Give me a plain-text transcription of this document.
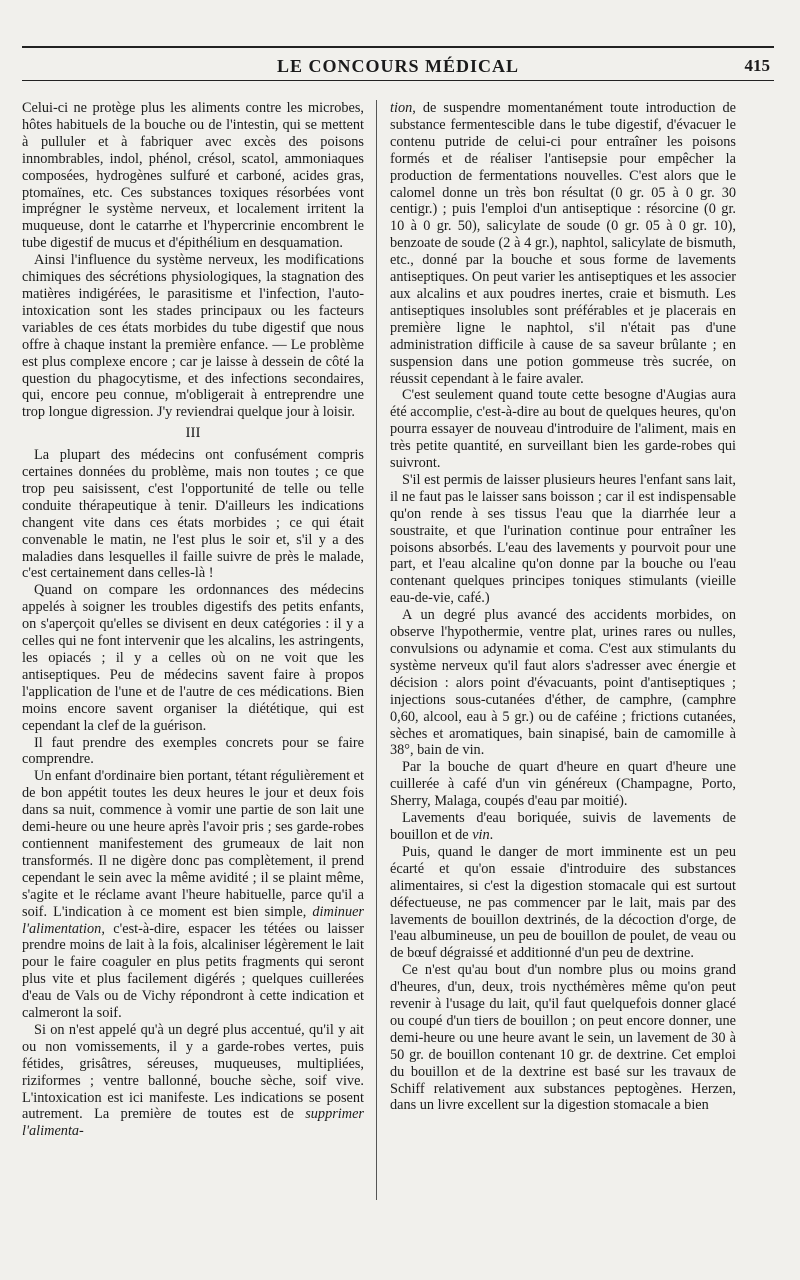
LE CONCOURS MÉDICAL	415

Celui-ci ne protège plus les aliments contre les microbes, hôtes habituels de la bouche ou de l'intestin, qui se mettent à pulluler et à fabriquer avec excès des poisons innombrables, indol, phénol, crésol, scatol, ammoniaques composées, hydrogènes sulfuré et carboné, acides gras, ptomaïnes, etc. Ces substances toxiques résorbées vont imprégner le système nerveux, et localement irritent la muqueuse, dont le catarrhe et l'hypercrinie encombrent le tube digestif de mucus et d'épithélium en desquamation.

Ainsi l'influence du système nerveux, les modifications chimiques des sécrétions physiologiques, la stagnation des matières indigérées, le parasitisme et l'infection, l'auto-intoxication sont les stades principaux ou les facteurs variables de ces états morbides du tube digestif que nous offre à chaque instant la première enfance. — Le problème est plus complexe encore ; car je laisse à dessein de côté la question du phagocytisme, et des infections secondaires, qui, encore peu connue, m'obligerait à entreprendre une trop longue digression. J'y reviendrai quelque jour à loisir.

III

La plupart des médecins ont confusément compris certaines données du problème, mais non toutes ; ce que trop peu saisissent, c'est l'opportunité de telle ou telle conduite thérapeutique à tenir. D'ailleurs les indications changent vite dans ces états morbides ; ce qui était convenable le matin, ne l'est plus le soir et, s'il y a des maladies dans lesquelles il faille suivre de près le malade, c'est certainement dans celles-là !

Quand on compare les ordonnances des médecins appelés à soigner les troubles digestifs des petits enfants, on s'aperçoit qu'elles se divisent en deux catégories : il y a celles qui ne font intervenir que les alcalins, les astringents, les opiacés ; il y a celles où on ne voit que les antiseptiques. Peu de médecins savent faire à propos l'application de l'une et de l'autre de ces médications. Bien moins encore savent organiser la diététique, qui est cependant la clef de la guérison.

Il faut prendre des exemples concrets pour se faire comprendre.

Un enfant d'ordinaire bien portant, tétant régulièrement et de bon appétit toutes les deux heures le jour et deux fois dans sa nuit, commence à vomir une partie de son lait une demi-heure ou une heure après l'avoir pris ; ses garde-robes contiennent manifestement des grumeaux de lait non transformés. Il ne digère donc pas complètement, il prend cependant le sein avec la même avidité ; il se plaint même, s'agite et le réclame avant l'heure habituelle, parce qu'il a soif. L'indication à ce moment est bien simple, diminuer l'alimentation, c'est-à-dire, espacer les tétées ou laisser prendre moins de lait à la fois, alcaliniser légèrement le lait pour le faire coaguler en plus petits fragments qui seront plus vite et plus facilement digérés ; quelques cuillerées d'eau de Vals ou de Vichy répondront à cette indication et calmeront la soif.

Si on n'est appelé qu'à un degré plus accentué, qu'il y ait ou non vomissements, il y a garde-robes vertes, puis fétides, grisâtres, séreuses, muqueuses, multipliées, riziformes ; ventre ballonné, bouche sèche, soif vive. L'intoxication est ici manifeste. Les indications se posent autrement. La première de toutes est de supprimer l'alimenta-

tion, de suspendre momentanément toute introduction de substance fermentescible dans le tube digestif, d'évacuer le contenu putride de celui-ci pour entraîner les poisons formés et de réaliser l'antisepsie pour empêcher la production de fermentations nouvelles. C'est alors que le calomel donne un très bon résultat (0 gr. 05 à 0 gr. 30 centigr.) ; puis l'emploi d'un antiseptique : résorcine (0 gr. 10 à 0 gr. 50), salicylate de soude (0 gr. 05 à 0 gr. 10), benzoate de soude (2 à 4 gr.), naphtol, salicylate de bismuth, etc., donné par la bouche et sous forme de lavements antiseptiques. On peut varier les antiseptiques et les associer aux alcalins et aux poudres inertes, craie et bismuth. Les antiseptiques insolubles sont préférables et je placerais en première ligne le naphtol, s'il n'était pas d'une administration difficile à cause de sa saveur brûlante ; en suspension dans une potion gommeuse très sucrée, on réussit cependant à le faire avaler.

C'est seulement quand toute cette besogne d'Augias aura été accomplie, c'est-à-dire au bout de quelques heures, qu'on pourra essayer de nouveau d'introduire de l'aliment, mais en très petite quantité, en surveillant bien les garde-robes qui suivront.

S'il est permis de laisser plusieurs heures l'enfant sans lait, il ne faut pas le laisser sans boisson ; car il est indispensable qu'on rende à ses tissus l'eau que la diarrhée leur a soustraite, et que l'urination continue pour entraîner les poisons absorbés. L'eau des lavements y pourvoit pour une part, et l'eau alcaline qu'on donne par la bouche ou l'eau contenant quelques principes toniques stimulants (vieille eau-de-vie, café.)

A un degré plus avancé des accidents morbides, on observe l'hypothermie, ventre plat, urines rares ou nulles, convulsions ou adynamie et coma. C'est aux stimulants du système nerveux qu'il faut alors s'adresser avec énergie et décision : alors point d'évacuants, point d'antiseptiques ; injections sous-cutanées d'éther, de camphre, (camphre 0,60, alcool, eau à 5 gr.) ou de caféine ; frictions cutanées, sèches et aromatiques, bain sinapisé, bain de camomille à 38°, bain de vin.

Par la bouche de quart d'heure en quart d'heure une cuillerée à café d'un vin généreux (Champagne, Porto, Sherry, Malaga, coupés d'eau par moitié).

Lavements d'eau boriquée, suivis de lavements de bouillon et de vin.

Puis, quand le danger de mort imminente est un peu écarté et qu'on essaie d'introduire des substances alimentaires, si c'est la digestion stomacale qui est surtout défectueuse, ne pas commencer par le lait, mais par des lavements de bouillon dextrinés, de la décoction d'orge, de l'eau albumineuse, un peu de bouillon de poulet, de veau ou de bœuf dégraissé et additionné d'un peu de dextrine.

Ce n'est qu'au bout d'un nombre plus ou moins grand d'heures, d'un, deux, trois nycthémères même qu'on peut revenir à l'usage du lait, qu'il faut quelquefois donner glacé ou coupé d'un tiers de bouillon ; on peut encore donner, une demi-heure ou une heure avant le sein, un lavement de 30 à 50 gr. de bouillon contenant 10 gr. de dextrine. Cet emploi du bouillon et de la dextrine est basé sur les travaux de Schiff relativement aux substances peptogènes. Herzen, dans un livre excellent sur la digestion stomacale a bien
